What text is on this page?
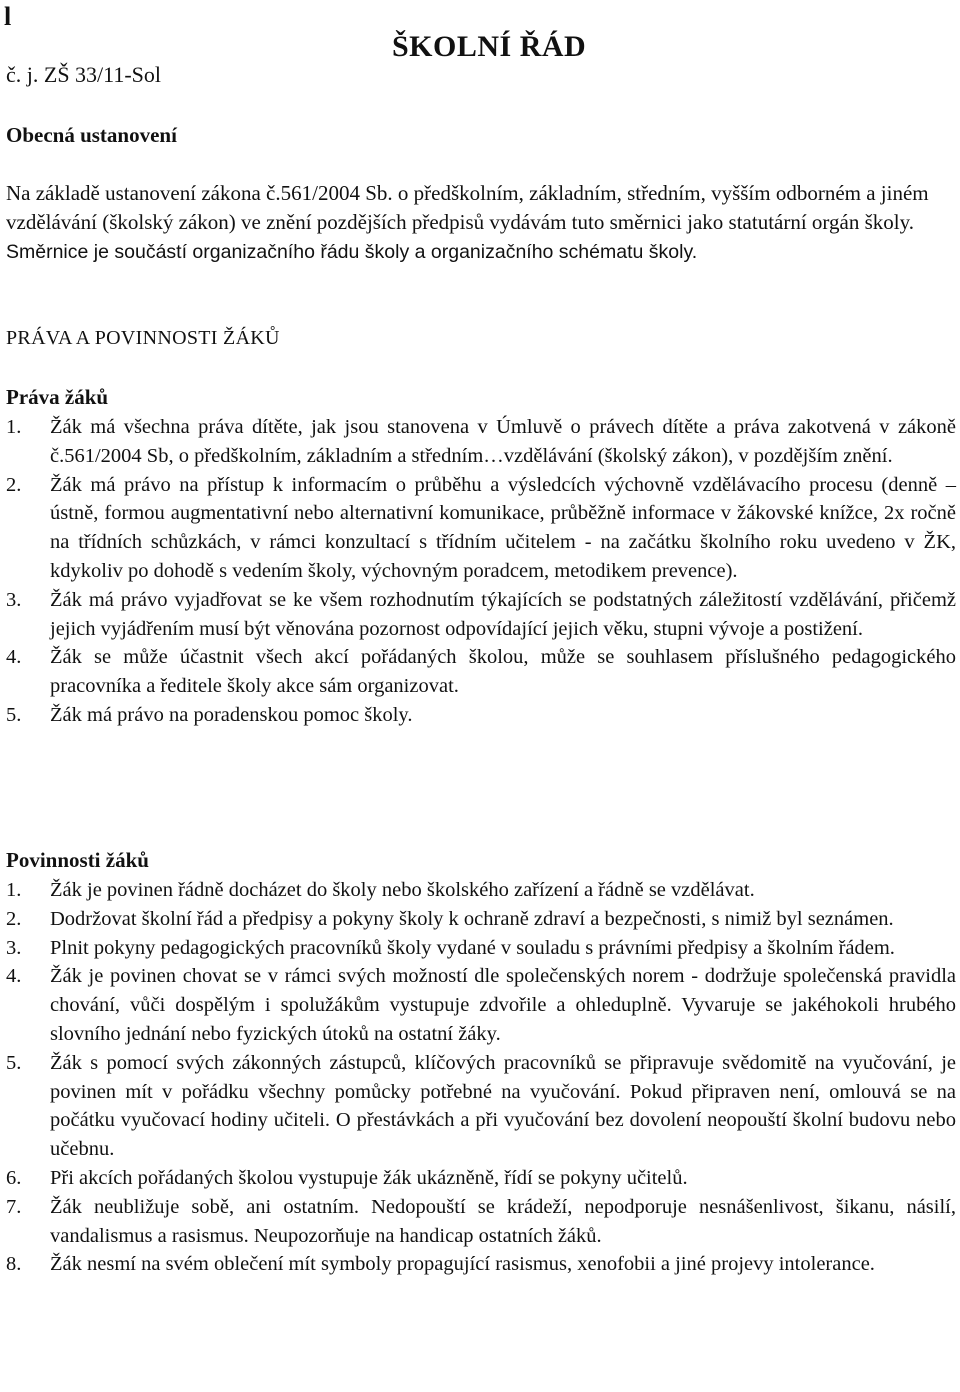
l
č. j. ZŠ 33/11-Sol
ŠKOLNÍ ŘÁD
Obecná ustanovení
Na základě ustanovení zákona č.561/2004 Sb. o předškolním, základním, středním, vyšším odborném a jiném vzdělávání (školský zákon) ve znění pozdějších předpisů vydávám tuto směrnici jako statutární orgán školy. Směrnice je součástí organizačního řádu školy a organizačního schématu školy.
PRÁVA A POVINNOSTI ŽÁKŮ
Práva žáků
1. Žák má všechna práva dítěte, jak jsou stanovena v Úmluvě o právech dítěte a práva zakotvená v zákoně č.561/2004 Sb, o předškolním, základním a středním…vzdělávání (školský zákon), v pozdějším znění.
2. Žák má právo na přístup k informacím o průběhu a výsledcích výchovně vzdělávacího procesu (denně – ústně, formou augmentativní nebo alternativní komunikace, průběžně informace v žákovské knížce, 2x ročně na třídních schůzkách, v rámci konzultací s třídním učitelem - na začátku školního roku uvedeno v ŽK, kdykoliv po dohodě s vedením školy, výchovným poradcem, metodikem prevence).
3. Žák má právo vyjadřovat se ke všem rozhodnutím týkajících se podstatných záležitostí vzdělávání, přičemž jejich vyjádřením musí být věnována pozornost odpovídající jejich věku, stupni vývoje a postižení.
4. Žák se může účastnit všech akcí pořádaných školou, může se souhlasem příslušného pedagogického pracovníka a ředitele školy akce sám organizovat.
5. Žák má právo na poradenskou pomoc školy.
Povinnosti žáků
1. Žák je povinen řádně docházet do školy nebo školského zařízení a řádně se vzdělávat.
2. Dodržovat školní řád a předpisy a pokyny školy k ochraně zdraví a bezpečnosti, s nimiž byl seznámen.
3. Plnit pokyny pedagogických pracovníků školy vydané v souladu s právními předpisy a školním řádem.
4. Žák je povinen chovat se v rámci svých možností dle společenských norem - dodržuje společenská pravidla chování, vůči dospělým i spolužákům vystupuje zdvořile a ohleduplně. Vyvaruje se jakéhokoli hrubého slovního jednání nebo fyzických útoků na ostatní žáky.
5. Žák s pomocí svých zákonných zástupců, klíčových pracovníků se připravuje svědomitě na vyučování, je povinen mít v pořádku všechny pomůcky potřebné na vyučování. Pokud připraven není, omlouvá se na počátku vyučovací hodiny učiteli. O přestávkách a při vyučování bez dovolení neopouští školní budovu nebo učebnu.
6. Při akcích pořádaných školou vystupuje žák ukázněně, řídí se pokyny učitelů.
7. Žák neubližuje sobě, ani ostatním. Nedopouští se krádeží, nepodporuje nesnášenlivost, šikanu, násilí, vandalismus a rasismus. Neupozorňuje na handicap ostatních žáků.
8. Žák nesmí na svém oblečení mít symboly propagující rasismus, xenofobii a jiné projevy intolerance.
